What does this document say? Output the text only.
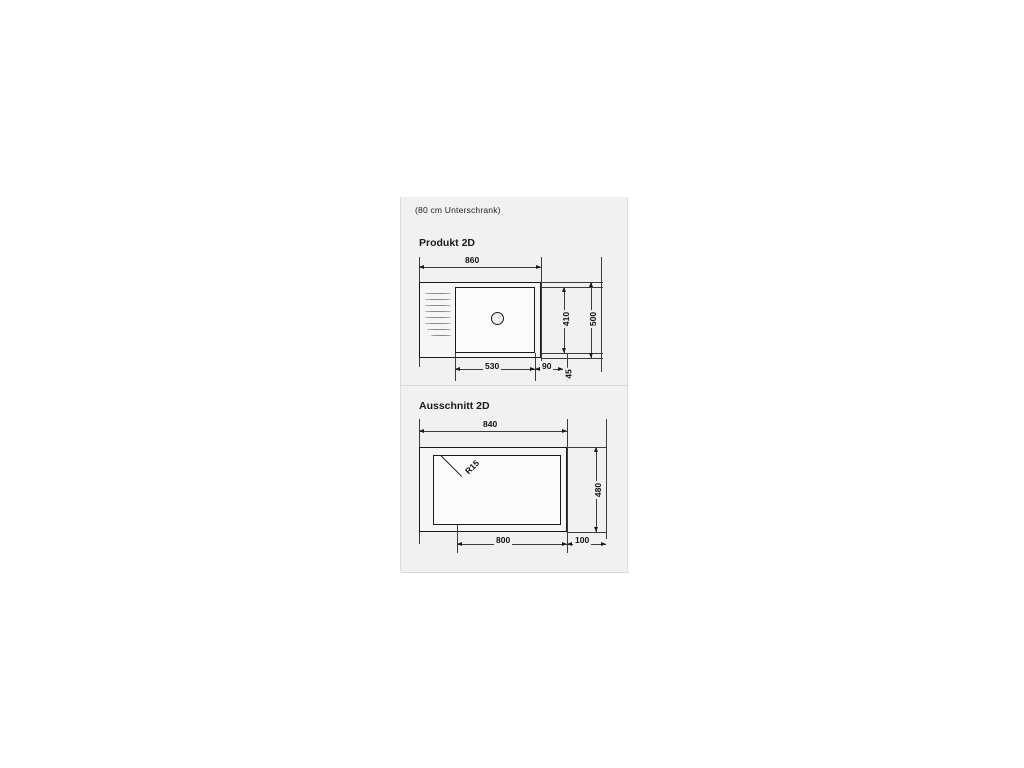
(80 cm Unterschrank)
Produkt 2D
860
410 500
530	90
45
Ausschnitt 2D
840
R15
480
800	100
